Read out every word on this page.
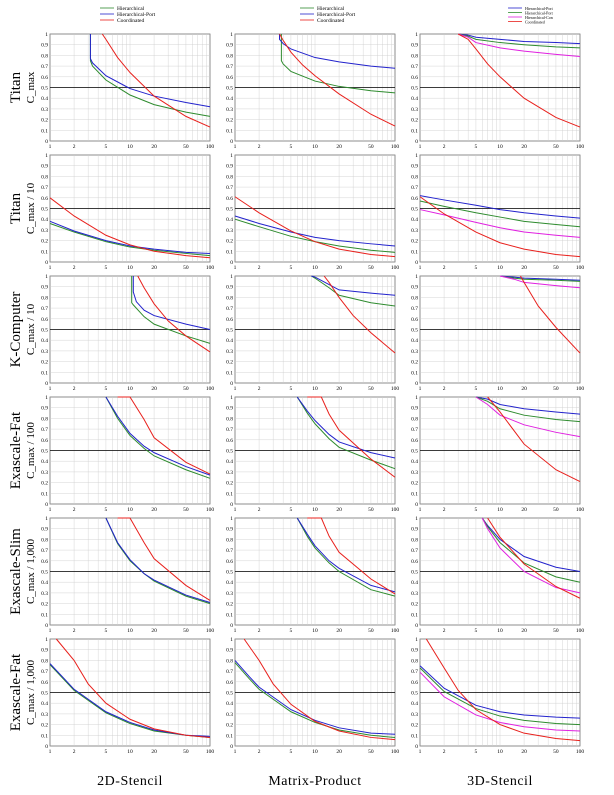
0
0.1
0.2
0.3
0.4
0.5
0.6
0.7
0.8
0.9
1
1	2	5	10	20	50	100
0
0.1
0.2
0.3
0.4
0.5
0.6
0.7
0.8
0.9
1
1	2	5	10	20	50	100
0
0.1
0.2
0.3
0.4
0.5
0.6
0.7
0.8
0.9
1
1	2	5	10	20	50	100
0
0.1
0.2
0.3
0.4
0.5
0.6
0.7
0.8
0.9
1
1	2	5	10	20	50	100
0
0.1
0.2
0.3
0.4
0.5
0.6
0.7
0.8
0.9
1
1	2	5	10	20	50	100
0
0.1
0.2
0.3
0.4
0.5
0.6
0.7
0.8
0.9
1
1	2	5	10	20	50	100
0
0.1
0.2
0.3
0.4
0.5
0.6
0.7
0.8
0.9
1
1	2	5	10	20	50	100
0
0.1
0.2
0.3
0.4
0.5
0.6
0.7
0.8
0.9
1
1	2	5	10	20	50	100
0
0.1
0.2
0.3
0.4
0.5
0.6
0.7
0.8
0.9
1
1	2	5	10	20	50	100
0
0.1
0.2
0.3
0.4
0.5
0.6
0.7
0.8
0.9
1
1	2	5	10	20	50	100
0
0.1
0.2
0.3
0.4
0.5
0.6
0.7
0.8
0.9
1
1	2	5	10	20	50	100
0
0.1
0.2
0.3
0.4
0.5
0.6
0.7
0.8
0.9
1
1	2	5	10	20	50	100
0
0.1
0.2
0.3
0.4
0.5
0.6
0.7
0.8
0.9
1
1	2	5	10	20	50	100
0
0.1
0.2
0.3
0.4
0.5
0.6
0.7
0.8
0.9
1
1	2	5	10	20	50	100
0
0.1
0.2
0.3
0.4
0.5
0.6
0.7
0.8
0.9
1
1	2	5	10	20	50	100
0
0.1
0.2
0.3
0.4
0.5
0.6
0.7
0.8
0.9
1
1	2	5	10	20	50	100
0
0.1
0.2
0.3
0.4
0.5
0.6
0.7
0.8
0.9
1
1	2	5	10	20	50	100
0
0.1
0.2
0.3
0.4
0.5
0.6
0.7
0.8
0.9
1
1	2	5	10	20	50	100
Hierarchical
Hierarchical-Port
Coordinated
Hierarchical
Hierarchical-Port
Coordinated
Hierarchical-Port
Hierarchical-Port
Hierarchical-Con
Coordinated
Titan C_max
Titan C_max / 10
K-Computer C_max / 10
Exascale-Fat C_max / 100
Exascale-Slim C_max / 1,000
Exascale-Fat C_max / 1,000
2D-Stencil	Matrix-Product	3D-Stencil
